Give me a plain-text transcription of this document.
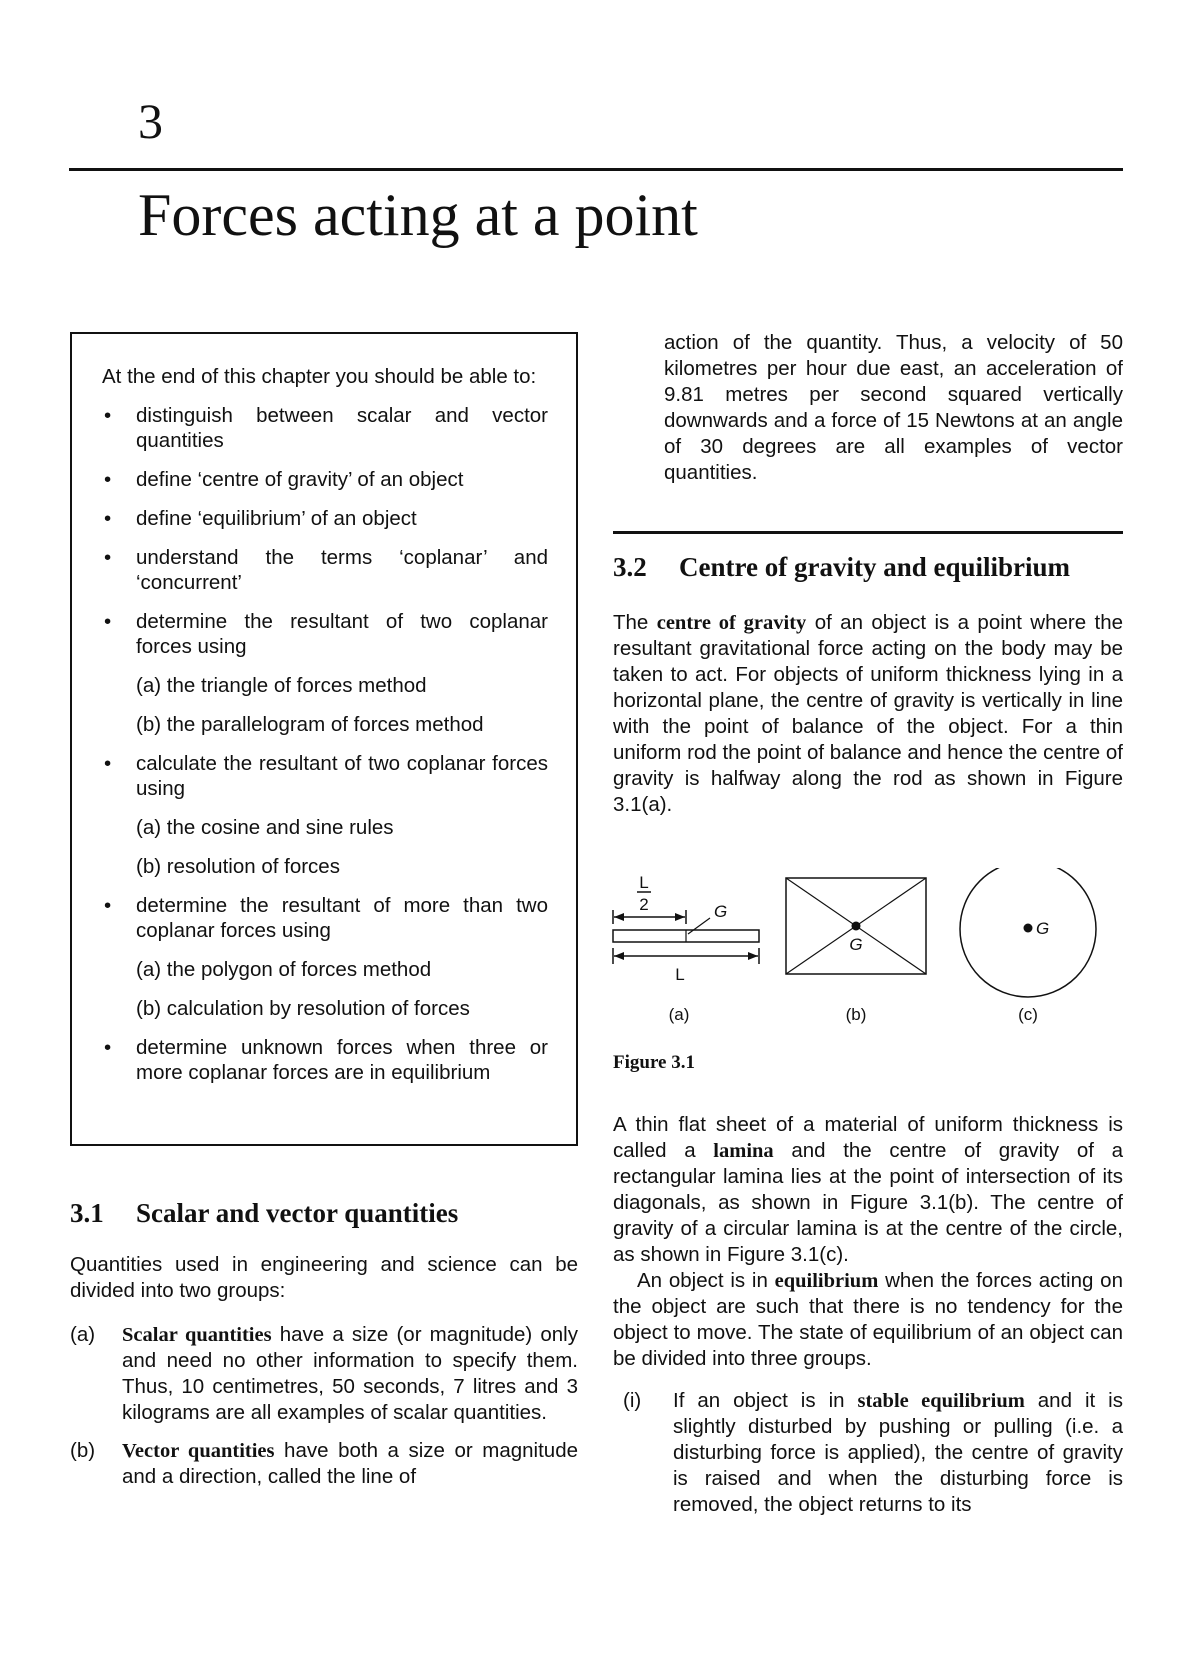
3
Forces acting at a point

At the end of this chapter you should be able to:

• distinguish between scalar and vector quantities
• define ‘centre of gravity’ of an object
• define ‘equilibrium’ of an object
• understand the terms ‘coplanar’ and ‘concurrent’
• determine the resultant of two coplanar forces using
(a) the triangle of forces method
(b) the parallelogram of forces method
• calculate the resultant of two coplanar forces using
(a) the cosine and sine rules
(b) resolution of forces
• determine the resultant of more than two coplanar forces using
(a) the polygon of forces method
(b) calculation by resolution of forces
• determine unknown forces when three or more coplanar forces are in equilibrium
3.1 Scalar and vector quantities

Quantities used in engineering and science can be divided into two groups:

(a) Scalar quantities have a size (or magnitude) only and need no other information to specify them. Thus, 10 centimetres, 50 seconds, 7 litres and 3 kilograms are all examples of scalar quantities.
(b) Vector quantities have both a size or magnitude and a direction, called the line of

action of the quantity. Thus, a velocity of 50 kilometres per hour due east, an acceleration of 9.81 metres per second squared vertically downwards and a force of 15 Newtons at an angle of 30 degrees are all examples of vector quantities.

3.2 Centre of gravity and equilibrium

The centre of gravity of an object is a point where the resultant gravitational force acting on the body may be taken to act. For objects of uniform thickness lying in a horizontal plane, the centre of gravity is vertically in line with the point of balance of the object. For a thin uniform rod the point of balance and hence the centre of gravity is halfway along the rod as shown in Figure 3.1(a).

L
2	G
L
(a)
G
(b)
G
(c)
Figure 3.1

A thin flat sheet of a material of uniform thickness is called a lamina and the centre of gravity of a rectangular lamina lies at the point of intersection of its diagonals, as shown in Figure 3.1(b). The centre of gravity of a circular lamina is at the centre of the circle, as shown in Figure 3.1(c).

An object is in equilibrium when the forces acting on the object are such that there is no tendency for the object to move. The state of equilibrium of an object can be divided into three groups.

(i) If an object is in stable equilibrium and it is slightly disturbed by pushing or pulling (i.e. a disturbing force is applied), the centre of gravity is raised and when the disturbing force is removed, the object returns to its
